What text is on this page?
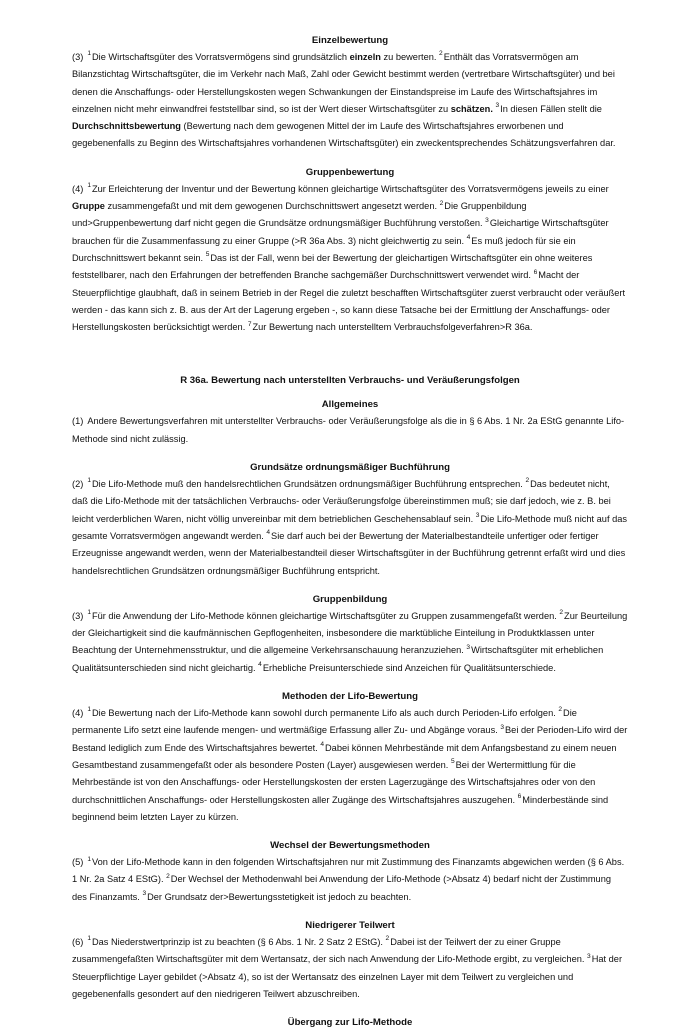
Einzelbewertung

(3) $^1$Die Wirtschaftsgüter des Vorratsvermögens sind grundsätzlich einzeln zu bewerten. $^2$Enthält das Vorratsvermögen am Bilanzstichtag Wirtschaftsgüter, die im Verkehr nach Maß, Zahl oder Gewicht bestimmt werden (vertretbare Wirtschaftsgüter) und bei denen die Anschaffungs- oder Herstellungskosten wegen Schwankungen der Einstandspreise im Laufe des Wirtschaftsjahres im einzelnen nicht mehr einwandfrei feststellbar sind, so ist der Wert dieser Wirtschaftsgüter zu schätzen. $^3$In diesen Fällen stellt die Durchschnittsbewertung (Bewertung nach dem gewogenen Mittel der im Laufe des Wirtschaftsjahres erworbenen und gegebenenfalls zu Beginn des Wirtschaftsjahres vorhandenen Wirtschaftsgüter) ein zweckentsprechendes Schätzungsverfahren dar.

Gruppenbewertung

(4) $^1$Zur Erleichterung der Inventur und der Bewertung können gleichartige Wirtschaftsgüter des Vorratsvermögens jeweils zu einer Gruppe zusammengefaßt und mit dem gewogenen Durchschnittswert angesetzt werden. $^2$Die Gruppenbildung und>Gruppenbewertung darf nicht gegen die Grundsätze ordnungsmäßiger Buchführung verstoßen. $^3$Gleichartige Wirtschaftsgüter brauchen für die Zusammenfassung zu einer Gruppe (>R 36a Abs. 3) nicht gleichwertig zu sein. $^4$Es muß jedoch für sie ein Durchschnittswert bekannt sein. $^5$Das ist der Fall, wenn bei der Bewertung der gleichartigen Wirtschaftsgüter ein ohne weiteres feststellbarer, nach den Erfahrungen der betreffenden Branche sachgemäßer Durchschnittswert verwendet wird. $^6$Macht der Steuerpflichtige glaubhaft, daß in seinem Betrieb in der Regel die zuletzt beschafften Wirtschaftsgüter zuerst verbraucht oder veräußert werden - das kann sich z. B. aus der Art der Lagerung ergeben -, so kann diese Tatsache bei der Ermittlung der Anschaffungs- oder Herstellungskosten berücksichtigt werden. $^7$Zur Bewertung nach unterstelltem Verbrauchsfolgeverfahren>R 36a.

R 36a. Bewertung nach unterstellten Verbrauchs- und Veräußerungsfolgen
Allgemeines

(1) Andere Bewertungsverfahren mit unterstellter Verbrauchs- oder Veräußerungsfolge als die in § 6 Abs. 1 Nr. 2a EStG genannte Lifo-Methode sind nicht zulässig.

Grundsätze ordnungsmäßiger Buchführung

(2) $^1$Die Lifo-Methode muß den handelsrechtlichen Grundsätzen ordnungsmäßiger Buchführung entsprechen. $^2$Das bedeutet nicht, daß die Lifo-Methode mit der tatsächlichen Verbrauchs- oder Veräußerungsfolge übereinstimmen muß; sie darf jedoch, wie z. B. bei leicht verderblichen Waren, nicht völlig unvereinbar mit dem betrieblichen Geschehensablauf sein. $^3$Die Lifo-Methode muß nicht auf das gesamte Vorratsvermögen angewandt werden. $^4$Sie darf auch bei der Bewertung der Materialbestandteile unfertiger oder fertiger Erzeugnisse angewandt werden, wenn der Materialbestandteil dieser Wirtschaftsgüter in der Buchführung getrennt erfaßt wird und dies handelsrechtlichen Grundsätzen ordnungsmäßiger Buchführung entspricht.

Gruppenbildung

(3) $^1$Für die Anwendung der Lifo-Methode können gleichartige Wirtschaftsgüter zu Gruppen zusammengefaßt werden. $^2$Zur Beurteilung der Gleichartigkeit sind die kaufmännischen Gepflogenheiten, insbesondere die marktübliche Einteilung in Produktklassen unter Beachtung der Unternehmensstruktur, und die allgemeine Verkehrsanschauung heranzuziehen. $^3$Wirtschaftsgüter mit erheblichen Qualitätsunterschieden sind nicht gleichartig. $^4$Erhebliche Preisunterschiede sind Anzeichen für Qualitätsunterschiede.

Methoden der Lifo-Bewertung

(4) $^1$Die Bewertung nach der Lifo-Methode kann sowohl durch permanente Lifo als auch durch Perioden-Lifo erfolgen. $^2$Die permanente Lifo setzt eine laufende mengen- und wertmäßige Erfassung aller Zu- und Abgänge voraus. $^3$Bei der Perioden-Lifo wird der Bestand lediglich zum Ende des Wirtschaftsjahres bewertet. $^4$Dabei können Mehrbestände mit dem Anfangsbestand zu einem neuen Gesamtbestand zusammengefaßt oder als besondere Posten (Layer) ausgewiesen werden. $^5$Bei der Wertermittlung für die Mehrbestände ist von den Anschaffungs- oder Herstellungskosten der ersten Lagerzugänge des Wirtschaftsjahres oder von den durchschnittlichen Anschaffungs- oder Herstellungskosten aller Zugänge des Wirtschaftsjahres auszugehen. $^6$Minderbestände sind beginnend beim letzten Layer zu kürzen.

Wechsel der Bewertungsmethoden

(5) $^1$Von der Lifo-Methode kann in den folgenden Wirtschaftsjahren nur mit Zustimmung des Finanzamts abgewichen werden (§ 6 Abs. 1 Nr. 2a Satz 4 EStG). $^2$Der Wechsel der Methodenwahl bei Anwendung der Lifo-Methode (>Absatz 4) bedarf nicht der Zustimmung des Finanzamts. $^3$Der Grundsatz der>Bewertungsstetigkeit ist jedoch zu beachten.

Niedrigerer Teilwert

(6) $^1$Das Niederstwertprinzip ist zu beachten (§ 6 Abs. 1 Nr. 2 Satz 2 EStG). $^2$Dabei ist der Teilwert der zu einer Gruppe zusammengefaßten Wirtschaftsgüter mit dem Wertansatz, der sich nach Anwendung der Lifo-Methode ergibt, zu vergleichen. $^3$Hat der Steuerpflichtige Layer gebildet (>Absatz 4), so ist der Wertansatz des einzelnen Layer mit dem Teilwert zu vergleichen und gegebenenfalls gesondert auf den niedrigeren Teilwert abzuschreiben.

Übergang zur Lifo-Methode
